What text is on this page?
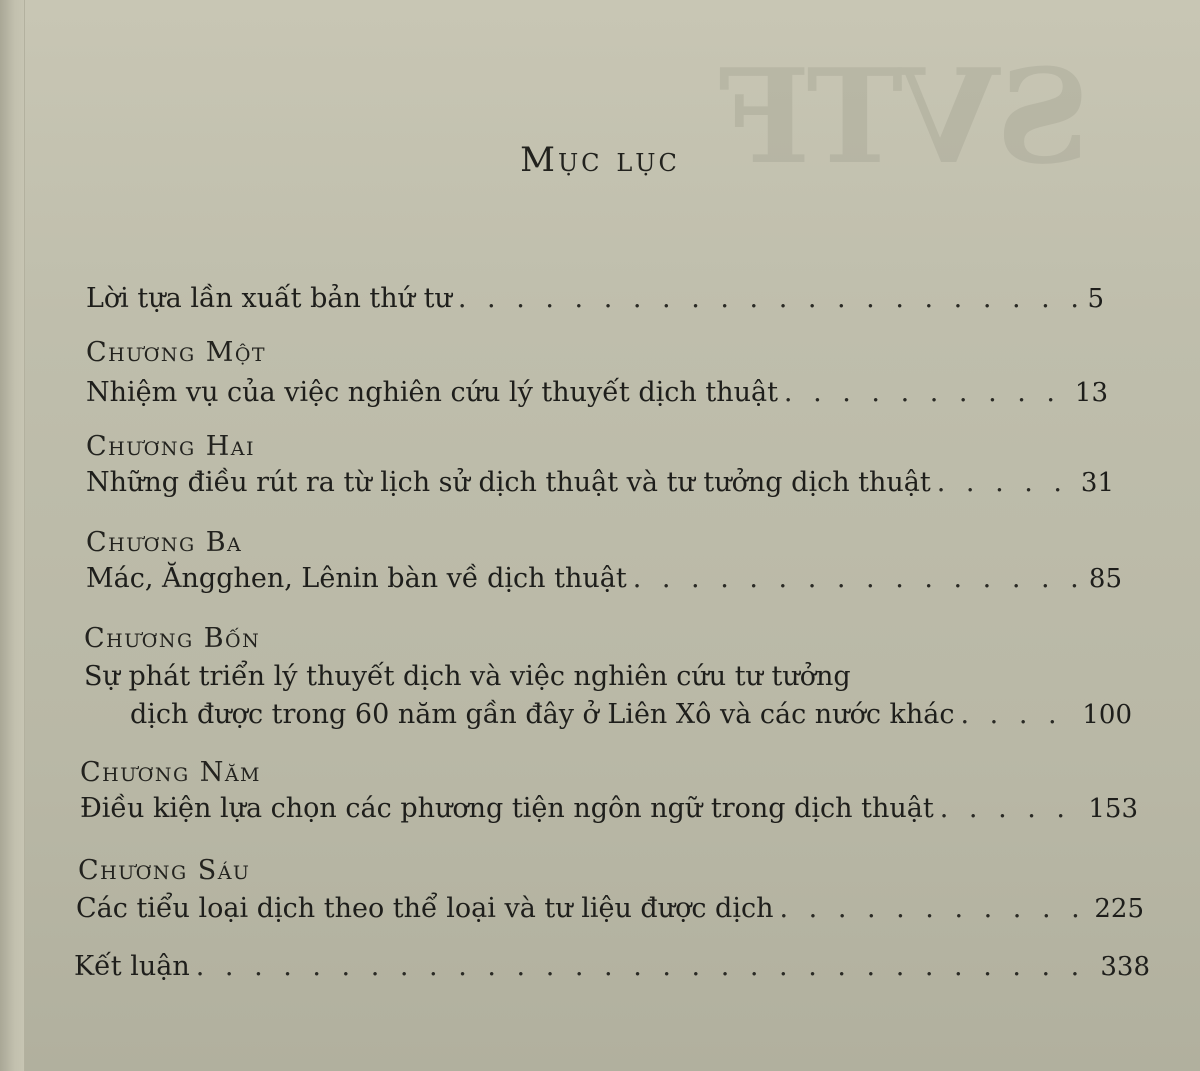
SVTF
Mục lục
Lời tựa lần xuất bản thứ tư . . .	5
Chương Một
Nhiệm vụ của việc nghiên cứu lý thuyết dịch thuật . . .	13
Chương Hai
Những điều rút ra từ lịch sử dịch thuật và tư tưởng dịch thuật . . .	31
Chương Ba
Mác, Ăngghen, Lênin bàn về dịch thuật . . .	85
Chương Bốn
Sự phát triển lý thuyết dịch và việc nghiên cứu tư tưởng
dịch được trong 60 năm gần đây ở Liên Xô và các nước khác . . .	100
Chương Năm
Điều kiện lựa chọn các phương tiện ngôn ngữ trong dịch thuật . . .	153
Chương Sáu
Các tiểu loại dịch theo thể loại và tư liệu được dịch . . .	225
Kết luận . . .	338
